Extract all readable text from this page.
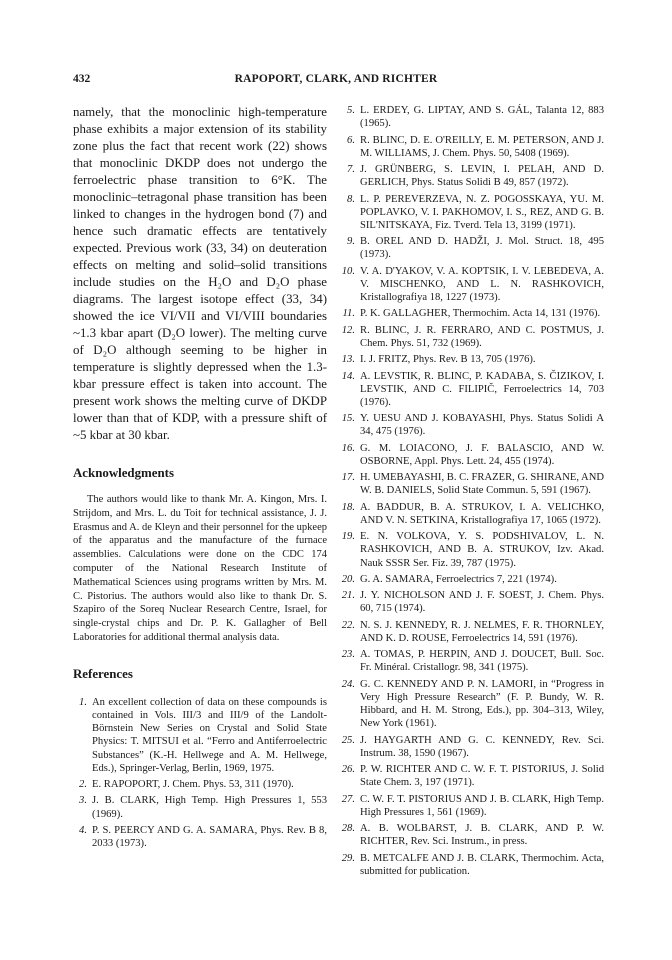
432	RAPOPORT, CLARK, AND RICHTER

namely, that the monoclinic high-temperature phase exhibits a major extension of its stability zone plus the fact that recent work (22) shows that monoclinic DKDP does not undergo the ferroelectric phase transition to 6°K. The monoclinic–tetragonal phase transition has been linked to changes in the hydrogen bond (7) and hence such dramatic effects are tentatively expected. Previous work (33, 34) on deuteration effects on melting and solid–solid transitions include studies on the H₂O and D₂O phase diagrams. The largest isotope effect (33, 34) showed the ice VI/VII and VI/VIII boundaries ~1.3 kbar apart (D₂O lower). The melting curve of D₂O although seeming to be higher in temperature is slightly depressed when the 1.3-kbar pressure effect is taken into account. The present work shows the melting curve of DKDP lower than that of KDP, with a pressure shift of ~5 kbar at 30 kbar.

Acknowledgments

The authors would like to thank Mr. A. Kingon, Mrs. I. Strijdom, and Mrs. L. du Toit for technical assistance, J. J. Erasmus and A. de Kleyn and their personnel for the upkeep of the apparatus and the manufacture of the furnace assemblies. Calculations were done on the CDC 174 computer of the National Research Institute of Mathematical Sciences using programs written by Mrs. M. C. Pistorius. The authors would also like to thank Dr. S. Szapiro of the Soreq Nuclear Research Centre, Israel, for single-crystal chips and Dr. P. K. Gallagher of Bell Laboratories for additional thermal analysis data.

References
1. An excellent collection of data on these compounds is contained in Vols. III/3 and III/9 of the Landolt-Börnstein New Series on Crystal and Solid State Physics: T. MITSUI et al. “Ferro and Antiferroelectric Substances” (K.-H. Hellwege and A. M. Hellwege, Eds.), Springer-Verlag, Berlin, 1969, 1975.
2. E. RAPOPORT, J. Chem. Phys. 53, 311 (1970).
3. J. B. CLARK, High Temp. High Pressures 1, 553 (1969).
4. P. S. PEERCY AND G. A. SAMARA, Phys. Rev. B 8, 2033 (1973).
5. L. ERDEY, G. LIPTAY, AND S. GÁL, Talanta 12, 883 (1965).
6. R. BLINC, D. E. O'REILLY, E. M. PETERSON, AND J. M. WILLIAMS, J. Chem. Phys. 50, 5408 (1969).
7. J. GRÜNBERG, S. LEVIN, I. PELAH, AND D. GERLICH, Phys. Status Solidi B 49, 857 (1972).
8. L. P. PEREVERZEVA, N. Z. POGOSSKAYA, YU. M. POPLAVKO, V. I. PAKHOMOV, I. S., REZ, AND G. B. SIL'NITSKAYA, Fiz. Tverd. Tela 13, 3199 (1971).
9. B. OREL AND D. HADŽI, J. Mol. Struct. 18, 495 (1973).
10. V. A. D'YAKOV, V. A. KOPTSIK, I. V. LEBEDEVA, A. V. MISCHENKO, AND L. N. RASHKOVICH, Kristallografiya 18, 1227 (1973).
11. P. K. GALLAGHER, Thermochim. Acta 14, 131 (1976).
12. R. BLINC, J. R. FERRARO, AND C. POSTMUS, J. Chem. Phys. 51, 732 (1969).
13. I. J. FRITZ, Phys. Rev. B 13, 705 (1976).
14. A. LEVSTIK, R. BLINC, P. KADABA, S. ČIZIKOV, I. LEVSTIK, AND C. FILIPIČ, Ferroelectrics 14, 703 (1976).
15. Y. UESU AND J. KOBAYASHI, Phys. Status Solidi A 34, 475 (1976).
16. G. M. LOIACONO, J. F. BALASCIO, AND W. OSBORNE, Appl. Phys. Lett. 24, 455 (1974).
17. H. UMEBAYASHI, B. C. FRAZER, G. SHIRANE, AND W. B. DANIELS, Solid State Commun. 5, 591 (1967).
18. A. BADDUR, B. A. STRUKOV, I. A. VELICHKO, AND V. N. SETKINA, Kristallografiya 17, 1065 (1972).
19. E. N. VOLKOVA, Y. S. PODSHIVALOV, L. N. RASHKOVICH, AND B. A. STRUKOV, Izv. Akad. Nauk SSSR Ser. Fiz. 39, 787 (1975).
20. G. A. SAMARA, Ferroelectrics 7, 221 (1974).
21. J. Y. NICHOLSON AND J. F. SOEST, J. Chem. Phys. 60, 715 (1974).
22. N. S. J. KENNEDY, R. J. NELMES, F. R. THORNLEY, AND K. D. ROUSE, Ferroelectrics 14, 591 (1976).
23. A. TOMAS, P. HERPIN, AND J. DOUCET, Bull. Soc. Fr. Minéral. Cristallogr. 98, 341 (1975).
24. G. C. KENNEDY AND P. N. LAMORI, in “Progress in Very High Pressure Research” (F. P. Bundy, W. R. Hibbard, and H. M. Strong, Eds.), pp. 304–313, Wiley, New York (1961).
25. J. HAYGARTH AND G. C. KENNEDY, Rev. Sci. Instrum. 38, 1590 (1967).
26. P. W. RICHTER AND C. W. F. T. PISTORIUS, J. Solid State Chem. 3, 197 (1971).
27. C. W. F. T. PISTORIUS AND J. B. CLARK, High Temp. High Pressures 1, 561 (1969).
28. A. B. WOLBARST, J. B. CLARK, AND P. W. RICHTER, Rev. Sci. Instrum., in press.
29. B. METCALFE AND J. B. CLARK, Thermochim. Acta, submitted for publication.
